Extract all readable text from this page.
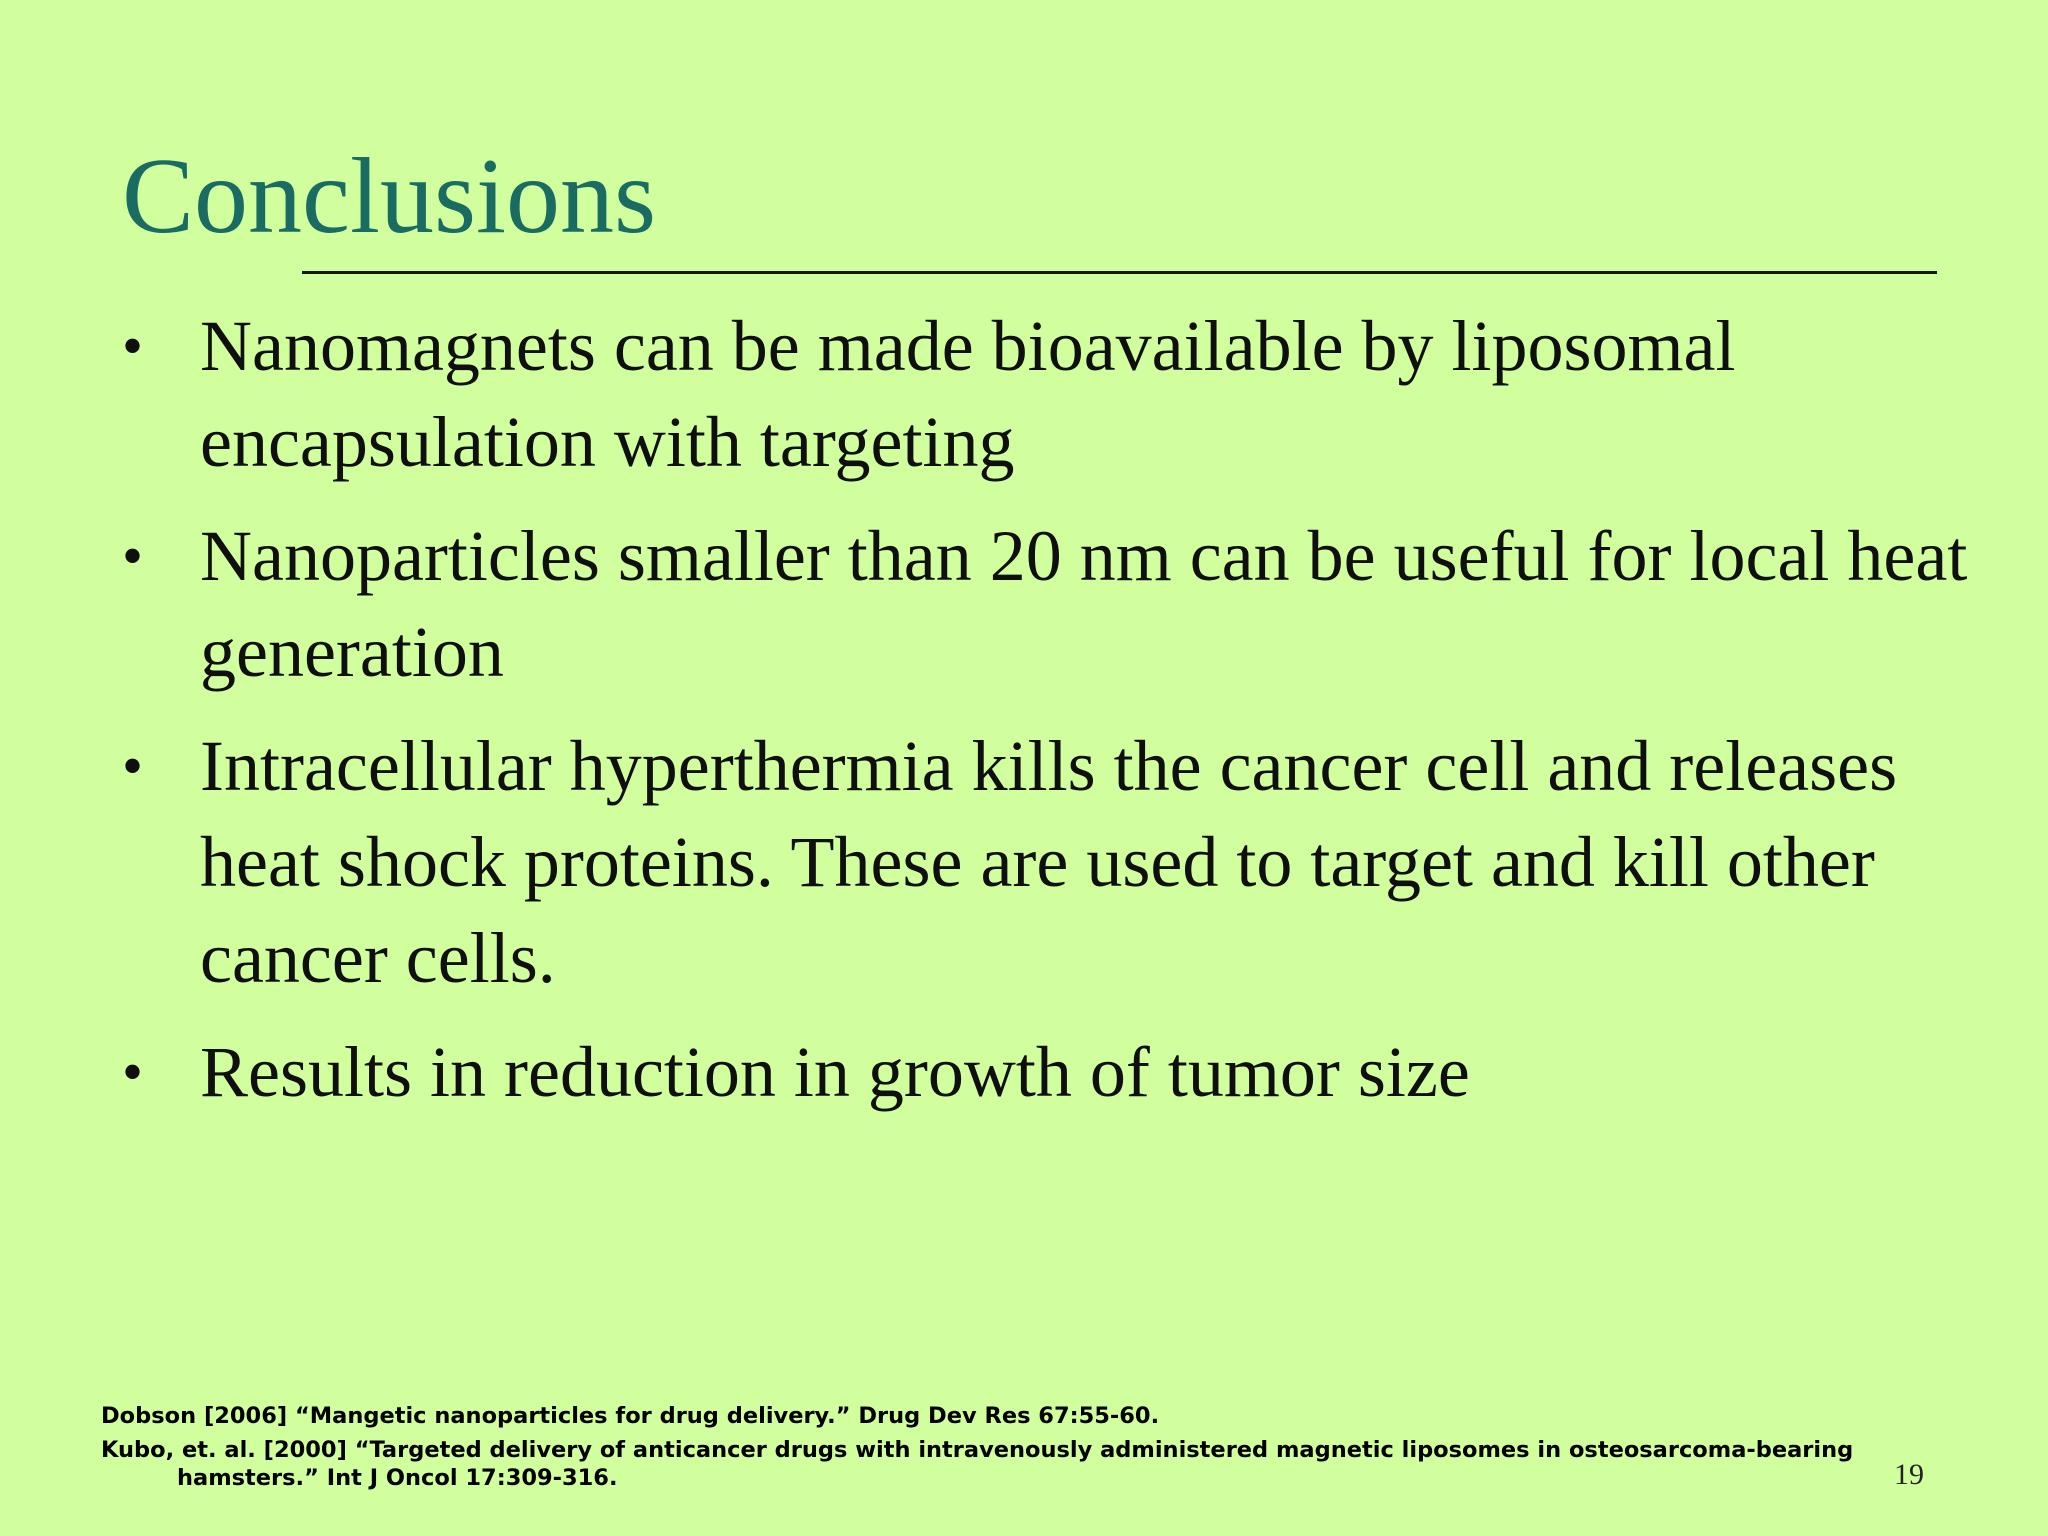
Conclusions
• Nanomagnets can be made bioavailable by liposomal encapsulation with targeting
• Nanoparticles smaller than 20 nm can be useful for local heat generation
• Intracellular hyperthermia kills the cancer cell and releases heat shock proteins. These are used to target and kill other cancer cells.
• Results in reduction in growth of tumor size
Dobson [2006] “Mangetic nanoparticles for drug delivery.” Drug Dev Res 67:55-60.
Kubo, et. al. [2000] “Targeted delivery of anticancer drugs with intravenously administered magnetic liposomes in osteosarcoma-bearing hamsters.” Int J Oncol 17:309-316.	19
